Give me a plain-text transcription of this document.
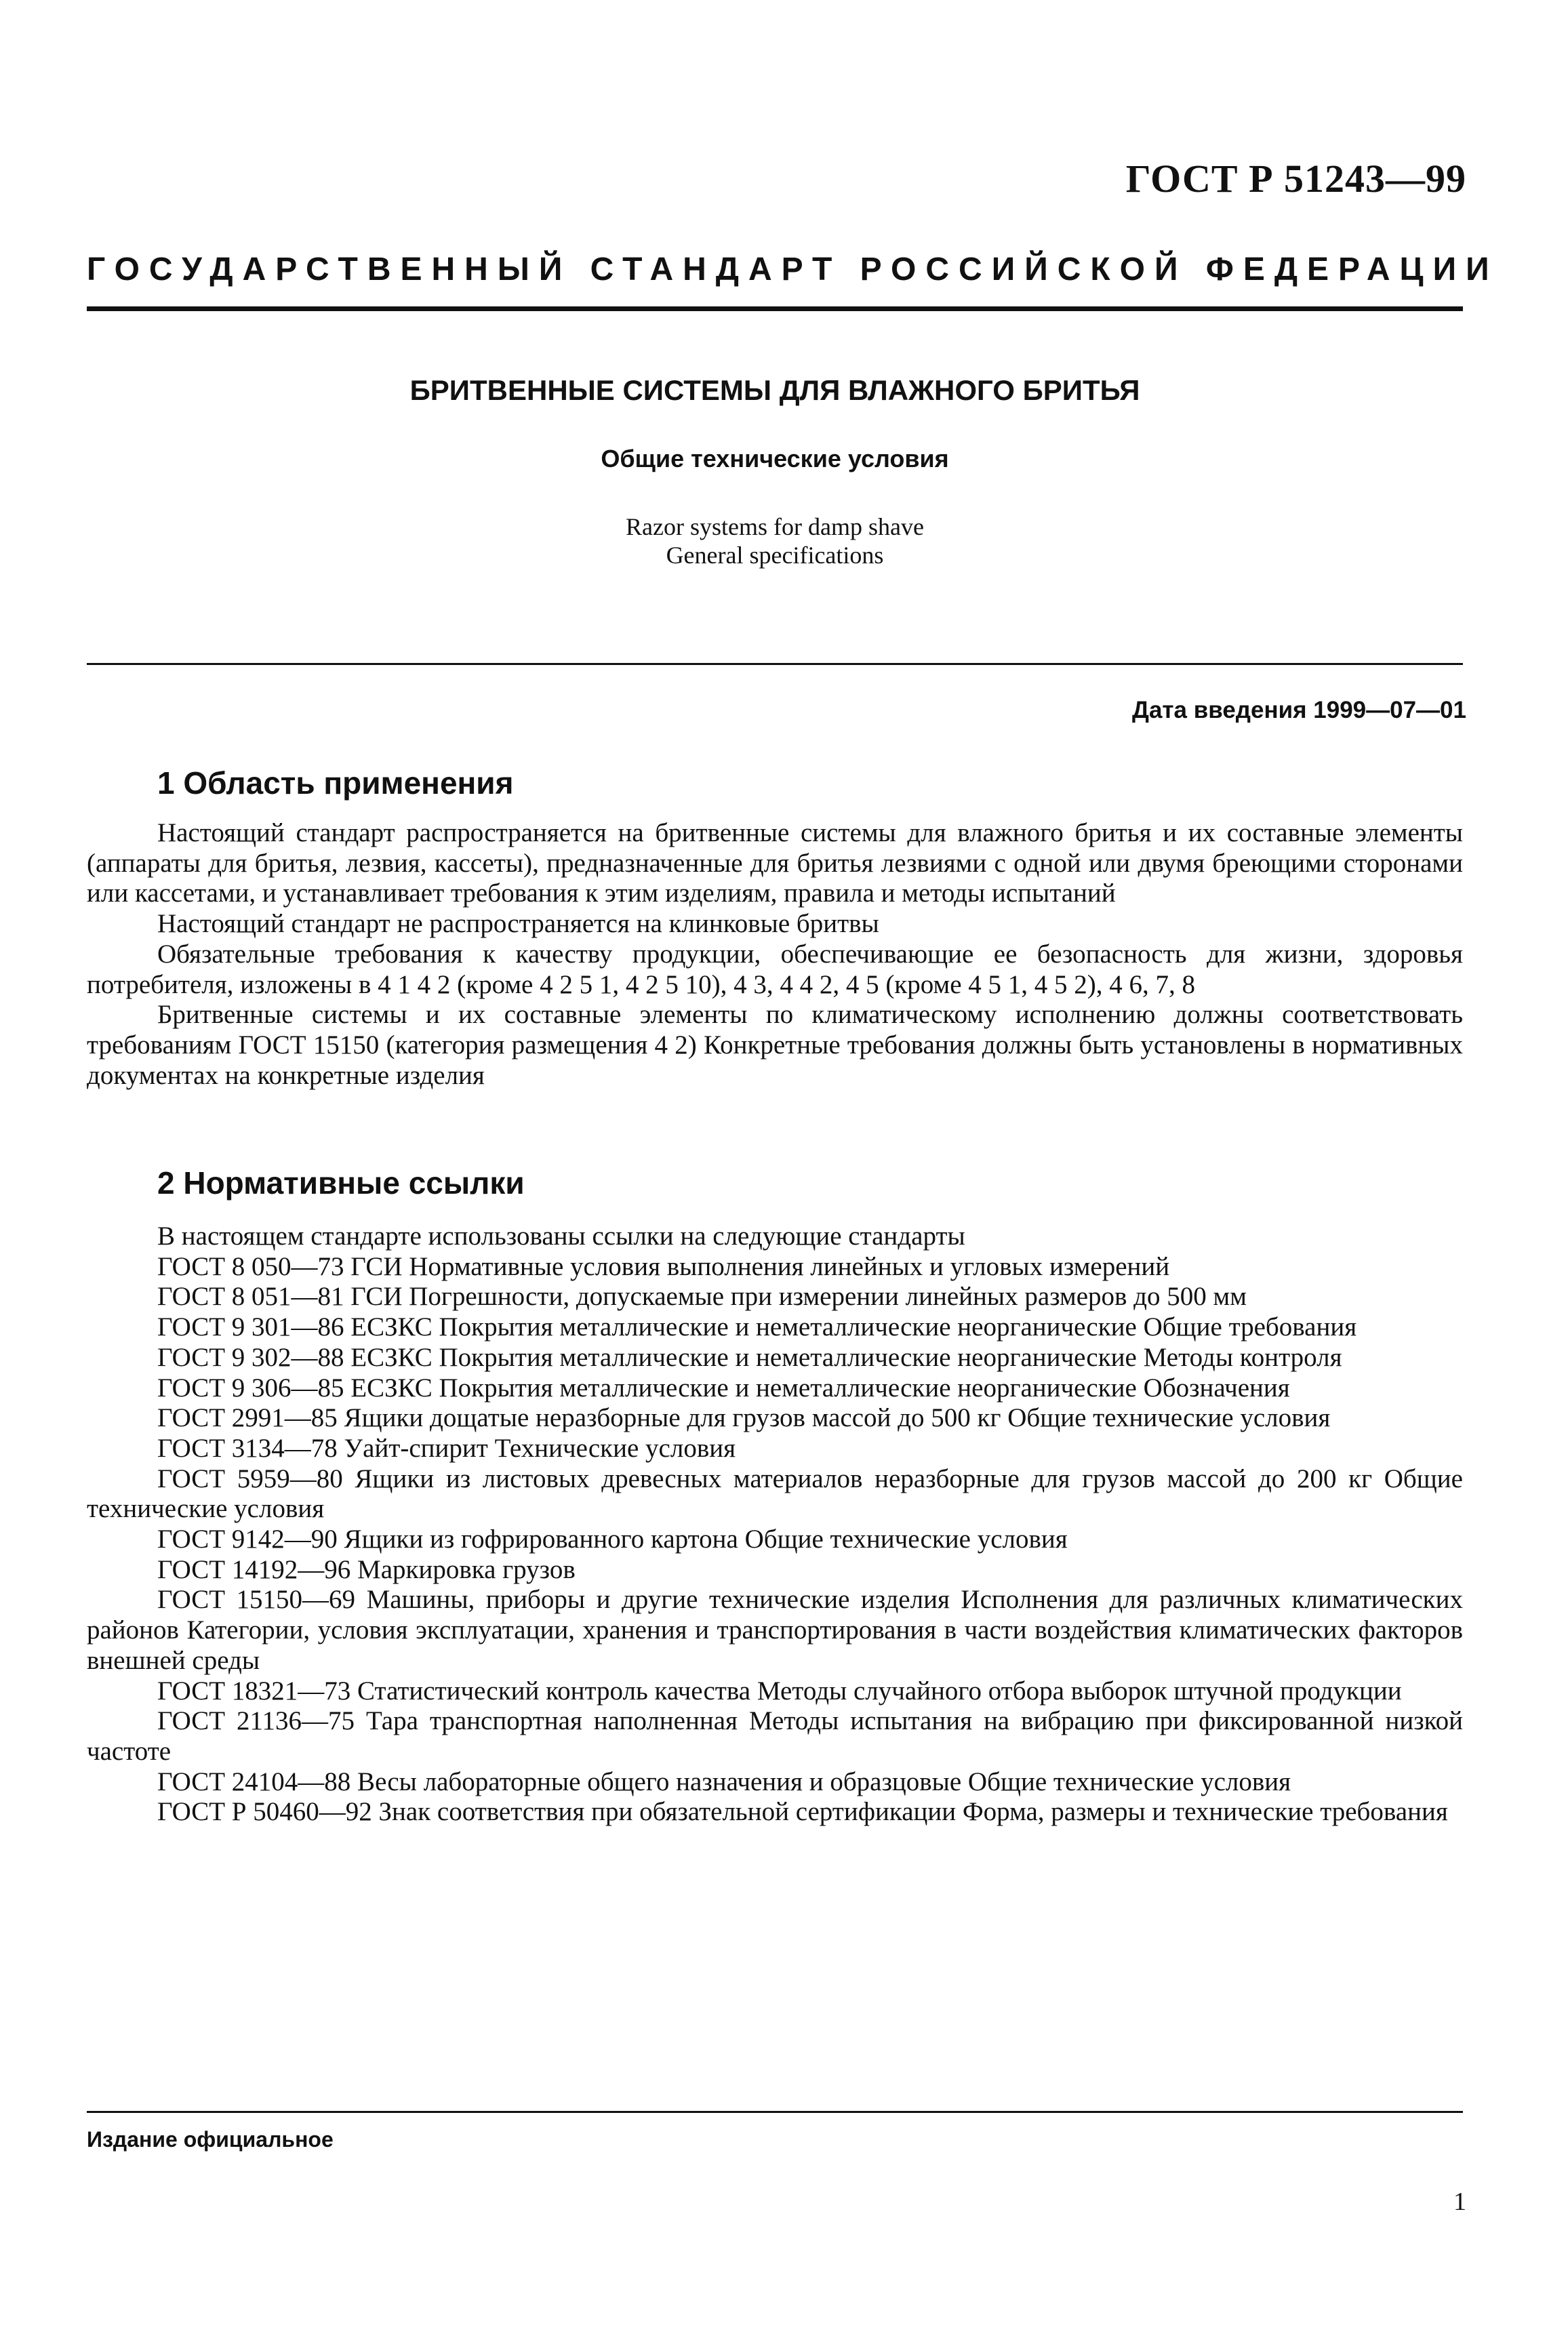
ГОСТ Р 51243—99
ГОСУДАРСТВЕННЫЙ СТАНДАРТ РОССИЙСКОЙ ФЕДЕРАЦИИ
БРИТВЕННЫЕ СИСТЕМЫ ДЛЯ ВЛАЖНОГО БРИТЬЯ
Общие технические условия
Razor systems for damp shave
General specifications
Дата введения 1999—07—01
1 Область применения

Настоящий стандарт распространяется на бритвенные системы для влажного бритья и их составные элементы (аппараты для бритья, лезвия, кассеты), предназначенные для бритья лезвиями с одной или двумя бреющими сторонами или кассетами, и устанавливает требования к этим изделиям, правила и методы испытаний

Настоящий стандарт не распространяется на клинковые бритвы

Обязательные требования к качеству продукции, обеспечивающие ее безопасность для жизни, здоровья потребителя, изложены в 4 1 4 2 (кроме 4 2 5 1, 4 2 5 10), 4 3, 4 4 2, 4 5 (кроме 4 5 1, 4 5 2), 4 6, 7, 8

Бритвенные системы и их составные элементы по климатическому исполнению должны соответствовать требованиям ГОСТ 15150 (категория размещения 4 2) Конкретные требования должны быть установлены в нормативных документах на конкретные изделия

2 Нормативные ссылки

В настоящем стандарте использованы ссылки на следующие стандарты

ГОСТ 8 050—73 ГСИ Нормативные условия выполнения линейных и угловых измерений

ГОСТ 8 051—81 ГСИ Погрешности, допускаемые при измерении линейных размеров до 500 мм

ГОСТ 9 301—86 ЕСЗКС Покрытия металлические и неметаллические неорганические Общие требования

ГОСТ 9 302—88 ЕСЗКС Покрытия металлические и неметаллические неорганические Методы контроля

ГОСТ 9 306—85 ЕСЗКС Покрытия металлические и неметаллические неорганические Обозначения

ГОСТ 2991—85 Ящики дощатые неразборные для грузов массой до 500 кг Общие технические условия

ГОСТ 3134—78 Уайт-спирит Технические условия

ГОСТ 5959—80 Ящики из листовых древесных материалов неразборные для грузов массой до 200 кг Общие технические условия

ГОСТ 9142—90 Ящики из гофрированного картона Общие технические условия

ГОСТ 14192—96 Маркировка грузов

ГОСТ 15150—69 Машины, приборы и другие технические изделия Исполнения для различных климатических районов Категории, условия эксплуатации, хранения и транспортирования в части воздействия климатических факторов внешней среды

ГОСТ 18321—73 Статистический контроль качества Методы случайного отбора выборок штучной продукции

ГОСТ 21136—75 Тара транспортная наполненная Методы испытания на вибрацию при фиксированной низкой частоте

ГОСТ 24104—88 Весы лабораторные общего назначения и образцовые Общие технические условия

ГОСТ Р 50460—92 Знак соответствия при обязательной сертификации Форма, размеры и технические требования

Издание официальное
1
